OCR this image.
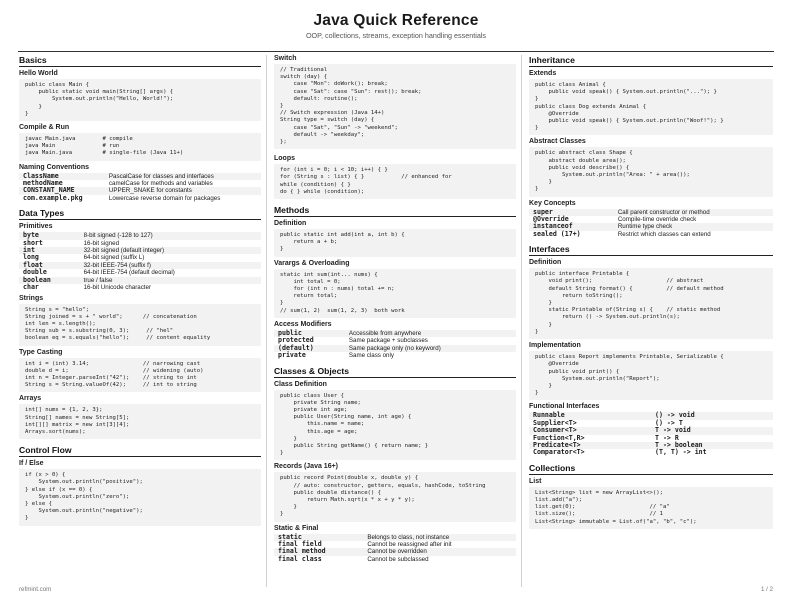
Java Quick Reference
OOP, collections, streams, exception handling essentials
Basics
Hello World
public class Main {
public static void main(String[] args) {
System.out.println("Hello, World!");
}
}
Compile & Run
javac Main.java        # compile
java Main              # run
java Main.java         # single-file (Java 11+)
Naming Conventions
ClassName	PascalCase for classes and interfaces
methodName	camelCase for methods and variables
CONSTANT_NAME	UPPER_SNAKE for constants
com.example.pkg	Lowercase reverse domain for packages
Data Types
Primitives
byte	8-bit signed (-128 to 127)
short	16-bit signed
int	32-bit signed (default integer)
long	64-bit signed (suffix L)
float	32-bit IEEE-754 (suffix f)
double	64-bit IEEE-754 (default decimal)
boolean	true / false
char	16-bit Unicode character
Strings
String s = "hello";
String joined = s + " world";      // concatenation
int len = s.length();
String sub = s.substring(0, 3);     // "hel"
boolean eq = s.equals("hello");     // content equality
Type Casting
int i = (int) 3.14;                // narrowing cast
double d = i;                      // widening (auto)
int n = Integer.parseInt("42");    // string to int
String s = String.valueOf(42);     // int to string
Arrays
int[] nums = {1, 2, 3};
String[] names = new String[5];
int[][] matrix = new int[3][4];
Arrays.sort(nums);
Control Flow
If / Else
if (x > 0) {
System.out.println("positive");
} else if (x == 0) {
System.out.println("zero");
} else {
System.out.println("negative");
}
Switch
// Traditional
switch (day) {
case "Mon": doWork(); break;
case "Sat": case "Sun": rest(); break;
default: routine();
}
// Switch expression (Java 14+)
String type = switch (day) {
case "Sat", "Sun" -> "weekend";
default -> "weekday";
};
Loops
for (int i = 0; i < 10; i++) { }
for (String s : list) { }           // enhanced for
while (condition) { }
do { } while (condition);
Methods
Definition
public static int add(int a, int b) {
return a + b;
}
Varargs & Overloading
static int sum(int... nums) {
int total = 0;
for (int n : nums) total += n;
return total;
}
// sum(1, 2)  sum(1, 2, 3)  both work
Access Modifiers
public	Accessible from anywhere
protected	Same package + subclasses
(default)	Same package only (no keyword)
private	Same class only
Classes & Objects
Class Definition
public class User {
private String name;
private int age;
public User(String name, int age) {
this.name = name;
this.age = age;
}
public String getName() { return name; }
}
Records (Java 16+)
public record Point(double x, double y) {
// auto: constructor, getters, equals, hashCode, toString
public double distance() {
return Math.sqrt(x * x + y * y);
}
}
Static & Final
static	Belongs to class, not instance
final field	Cannot be reassigned after init
final method	Cannot be overridden
final class	Cannot be subclassed
Inheritance
Extends
public class Animal {
public void speak() { System.out.println("..."); }
}
public class Dog extends Animal {
@Override
public void speak() { System.out.println("Woof!"); }
}
Abstract Classes
public abstract class Shape {
abstract double area();
public void describe() {
System.out.println("Area: " + area());
}
}
Key Concepts
super	Call parent constructor or method
@Override	Compile-time override check
instanceof	Runtime type check
sealed (17+)	Restrict which classes can extend
Interfaces
Definition
public interface Printable {
void print();                      // abstract
default String format() {          // default method
return toString();
}
static Printable of(String s) {    // static method
return () -> System.out.println(s);
}
}
Implementation
public class Report implements Printable, Serializable {
@Override
public void print() {
System.out.println("Report");
}
}
Functional Interfaces
Runnable	() -> void
Supplier<T>	() -> T
Consumer<T>	T -> void
Function<T,R>	T -> R
Predicate<T>	T -> boolean
Comparator<T>	(T, T) -> int
Collections
List
List<String> list = new ArrayList<>();
list.add("a");
list.get(0);                      // "a"
list.size();                      // 1
List<String> immutable = List.of("a", "b", "c");
refmint.com	1 / 2
